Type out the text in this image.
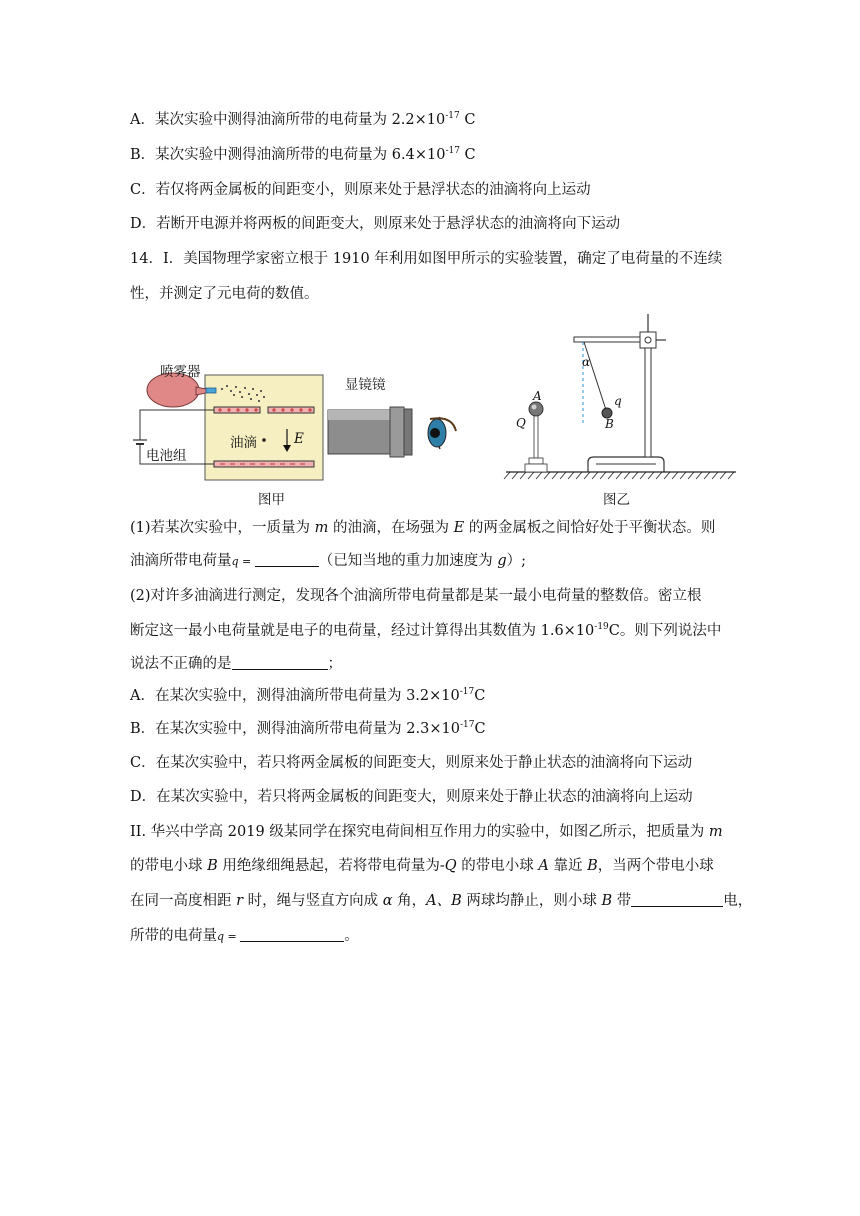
A．某次实验中测得油滴所带的电荷量为 $2.2\times 10^{-17}$ C
B．某次实验中测得油滴所带的电荷量为 $6.4\times 10^{-17}$ C
C．若仅将两金属板的间距变小，则原来处于悬浮状态的油滴将向上运动
D．若断开电源并将两板的间距变大，则原来处于悬浮状态的油滴将向下运动
14．I．美国物理学家密立根于 1910 年利用如图甲所示的实验装置，确定了电荷量的不连续
性，并测定了元电荷的数值。
喷雾器
显镜镜
油滴	E
电池组
图甲
α
q
B
A
Q
图乙
(1)若某次实验中，一质量为 m 的油滴，在场强为 E 的两金属板之间恰好处于平衡状态。则
油滴所带电荷量q =	（已知当地的重力加速度为 g）;
(2)对许多油滴进行测定，发现各个油滴所带电荷量都是某一最小电荷量的整数倍。密立根
断定这一最小电荷量就是电子的电荷量，经过计算得出其数值为 $1.6\times 10^{-19}C$。则下列说法中
说法不正确的是	；
A．在某次实验中，测得油滴所带电荷量为 $3.2\times 10^{-17}C$
B．在某次实验中，测得油滴所带电荷量为 $2.3\times 10^{-17}C$
C．在某次实验中，若只将两金属板的间距变大，则原来处于静止状态的油滴将向下运动
D．在某次实验中，若只将两金属板的间距变大，则原来处于静止状态的油滴将向上运动
II. 华兴中学高 2019 级某同学在探究电荷间相互作用力的实验中，如图乙所示，把质量为 m
的带电小球 B 用绝缘细绳悬起，若将带电荷量为-Q 的带电小球 A 靠近 B，当两个带电小球
在同一高度相距 r 时，绳与竖直方向成 α 角，A、B 两球均静止，则小球 B 带	电，
所带的电荷量q =	。
